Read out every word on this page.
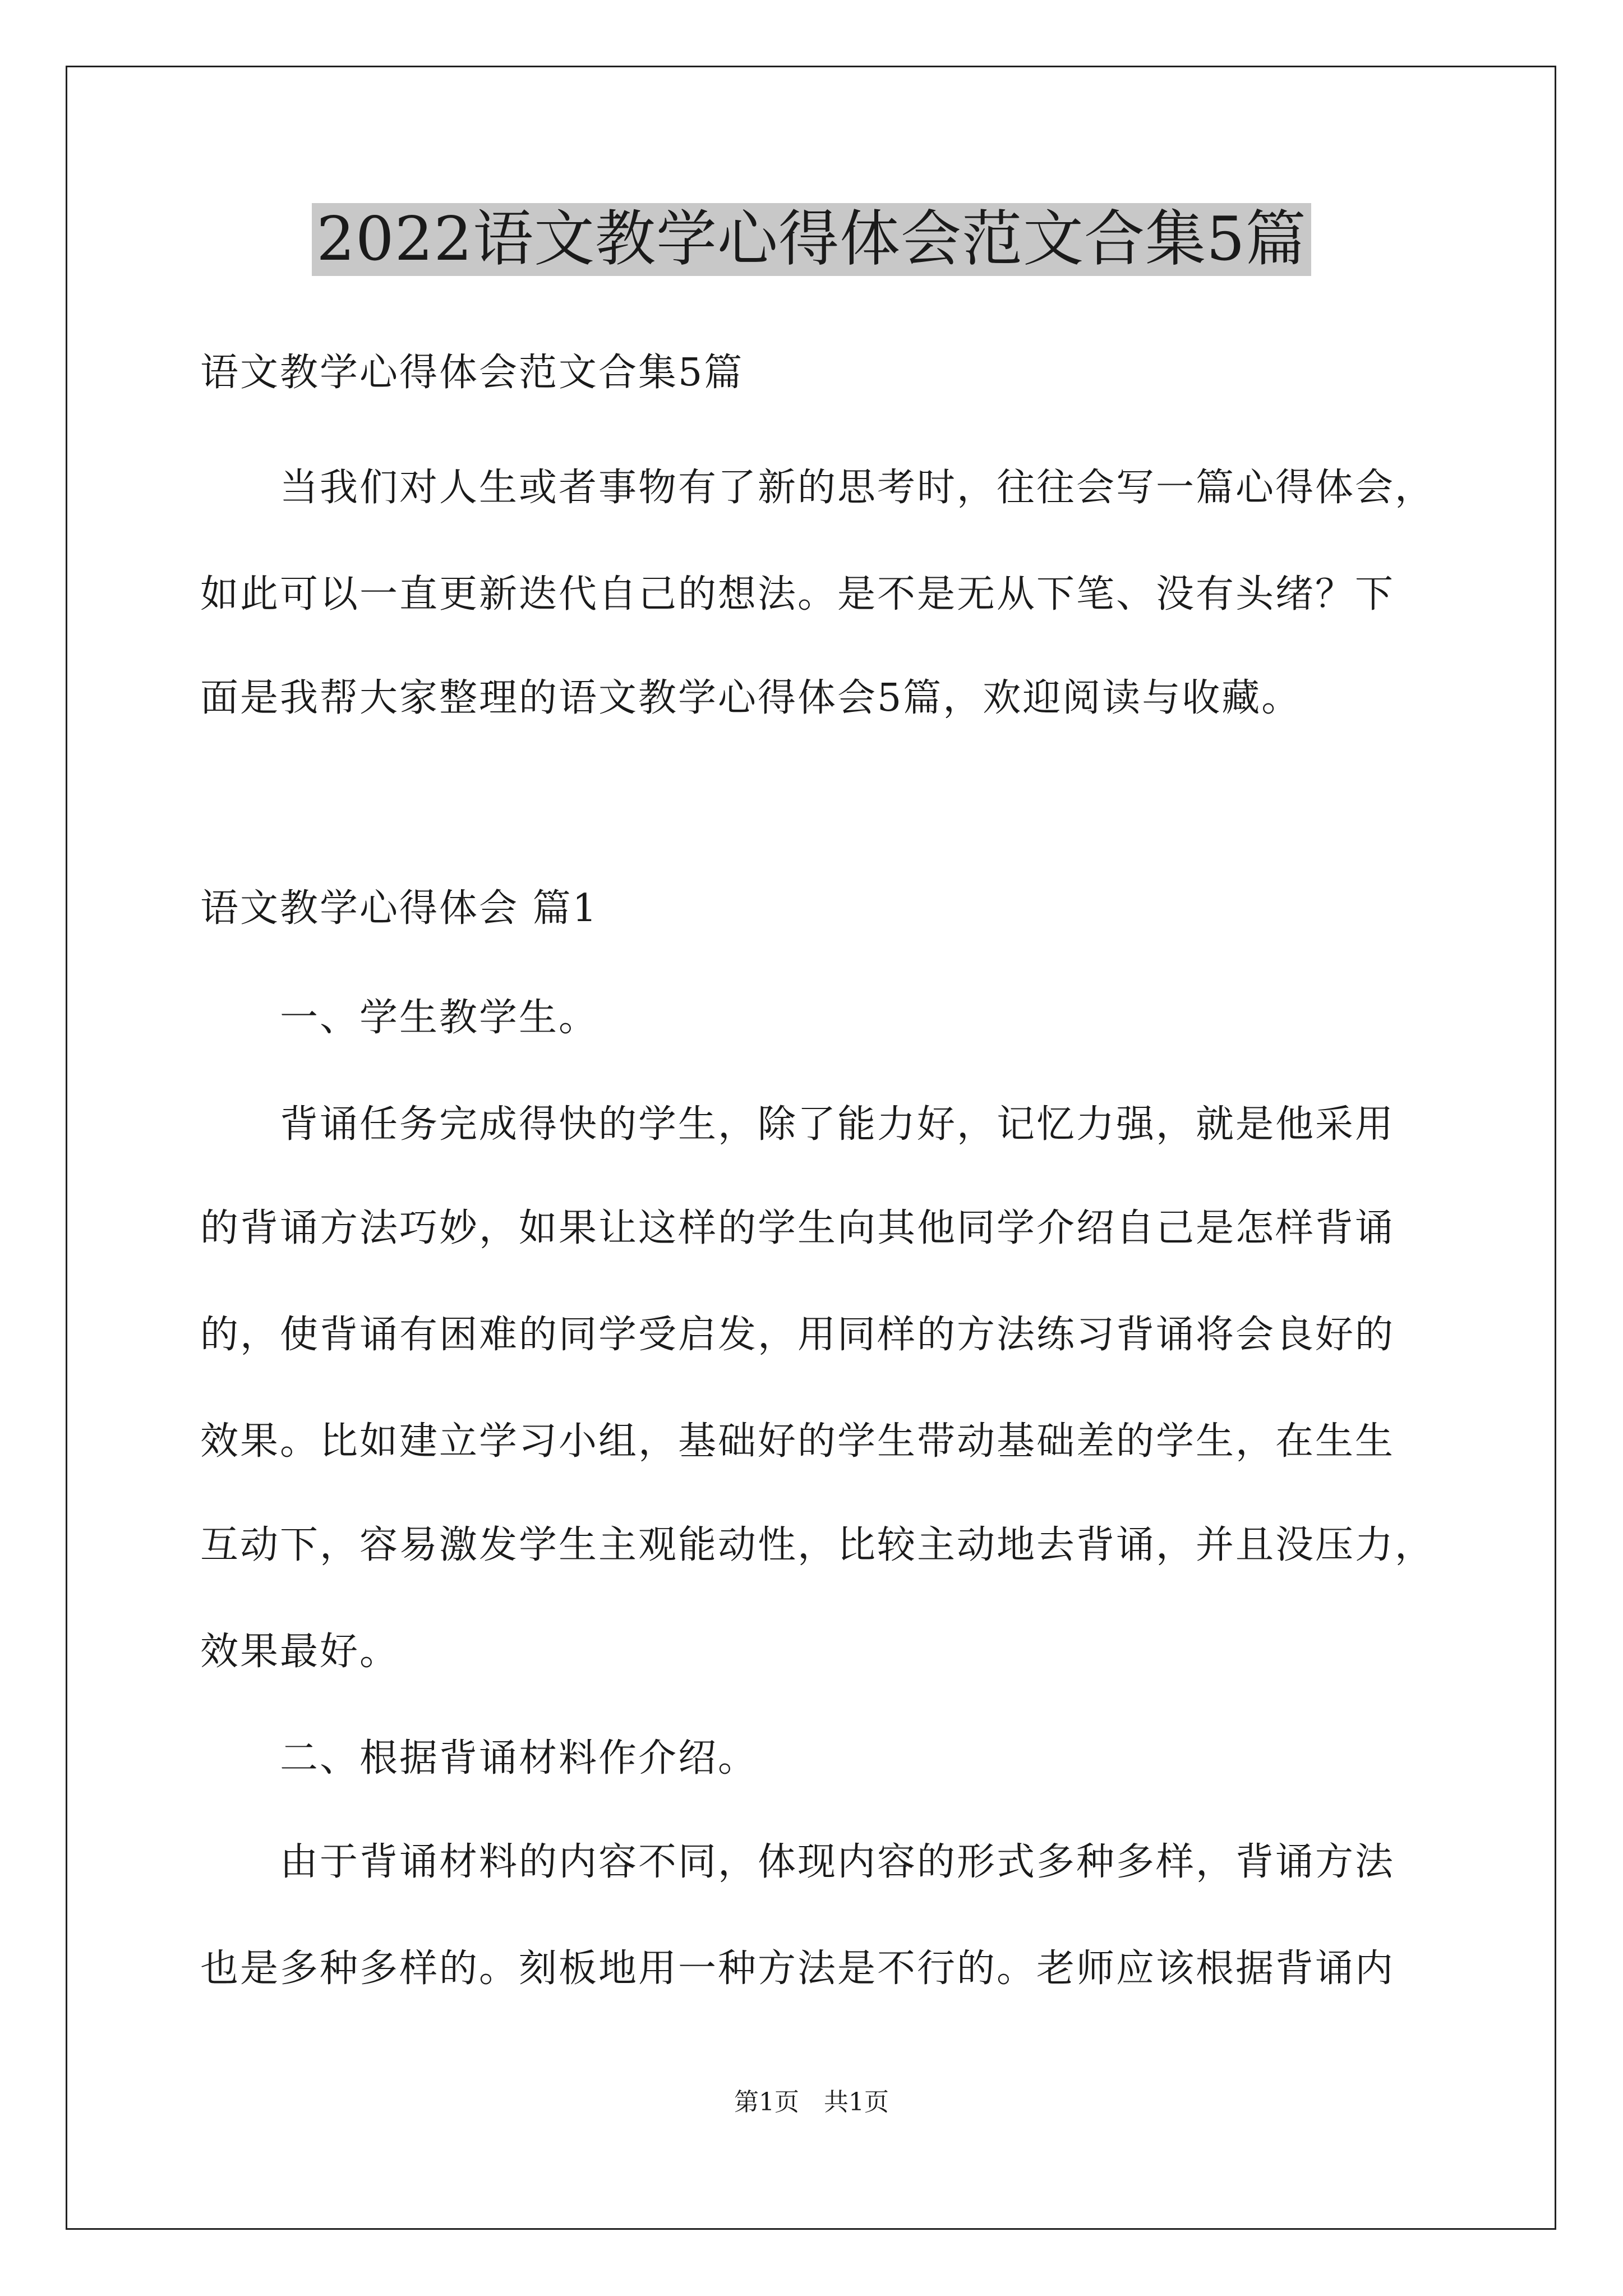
2022语文教学心得体会范文合集5篇
语文教学心得体会范文合集5篇
　　当我们对人生或者事物有了新的思考时，往往会写一篇心得体会，
如此可以一直更新迭代自己的想法。是不是无从下笔、没有头绪？下
面是我帮大家整理的语文教学心得体会5篇，欢迎阅读与收藏。
语文教学心得体会 篇1
　　一、学生教学生。
　　背诵任务完成得快的学生，除了能力好，记忆力强，就是他采用
的背诵方法巧妙，如果让这样的学生向其他同学介绍自己是怎样背诵
的，使背诵有困难的同学受启发，用同样的方法练习背诵将会良好的
效果。比如建立学习小组，基础好的学生带动基础差的学生，在生生
互动下，容易激发学生主观能动性，比较主动地去背诵，并且没压力，
效果最好。
　　二、根据背诵材料作介绍。
　　由于背诵材料的内容不同，体现内容的形式多种多样，背诵方法
也是多种多样的。刻板地用一种方法是不行的。老师应该根据背诵内
第1页　共1页
